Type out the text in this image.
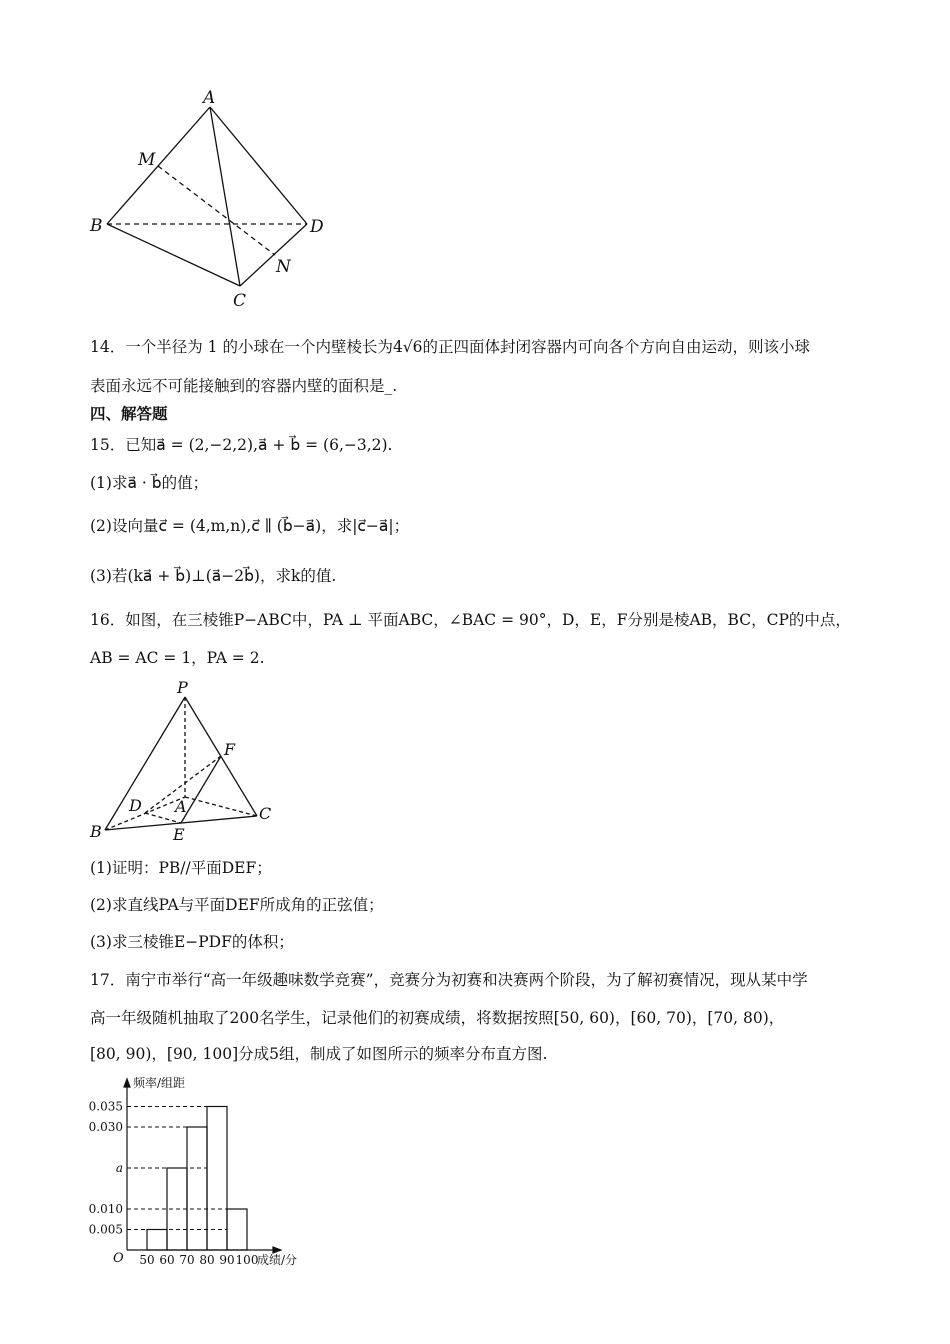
A
M
B	D
N
C
14．一个半径为 1 的小球在一个内壁棱长为4√6的正四面体封闭容器内可向各个方向自由运动，则该小球
表面永远不可能接触到的容器内壁的面积是_.
四、解答题
15．已知a⃗ = (2,−2,2),a⃗ + b⃗ = (6,−3,2).
(1)求a⃗ · b⃗的值；
(2)设向量c⃗ = (4,m,n),c⃗ ∥ (b⃗−a⃗)，求|c⃗−a⃗|；
(3)若(ka⃗ + b⃗)⊥(a⃗−2b⃗)，求k的值.
16．如图，在三棱锥P−ABC中，PA ⊥ 平面ABC，∠BAC = 90°，D，E，F分别是棱AB，BC，CP的中点，
AB = AC = 1，PA = 2.
P
F
D A
B	E
C
(1)证明：PB//平面DEF；
(2)求直线PA与平面DEF所成角的正弦值；
(3)求三棱锥E−PDF的体积；
17．南宁市举行“高一年级趣味数学竞赛”，竞赛分为初赛和决赛两个阶段，为了解初赛情况，现从某中学
高一年级随机抽取了200名学生，记录他们的初赛成绩，将数据按照[50, 60)，[60, 70)，[70, 80)，
[80, 90)，[90, 100]分成5组，制成了如图所示的频率分布直方图.
0.005
0.010
a
0.030
0.035
50 60 70 80 90 100
O
频率/组距
成绩/分
